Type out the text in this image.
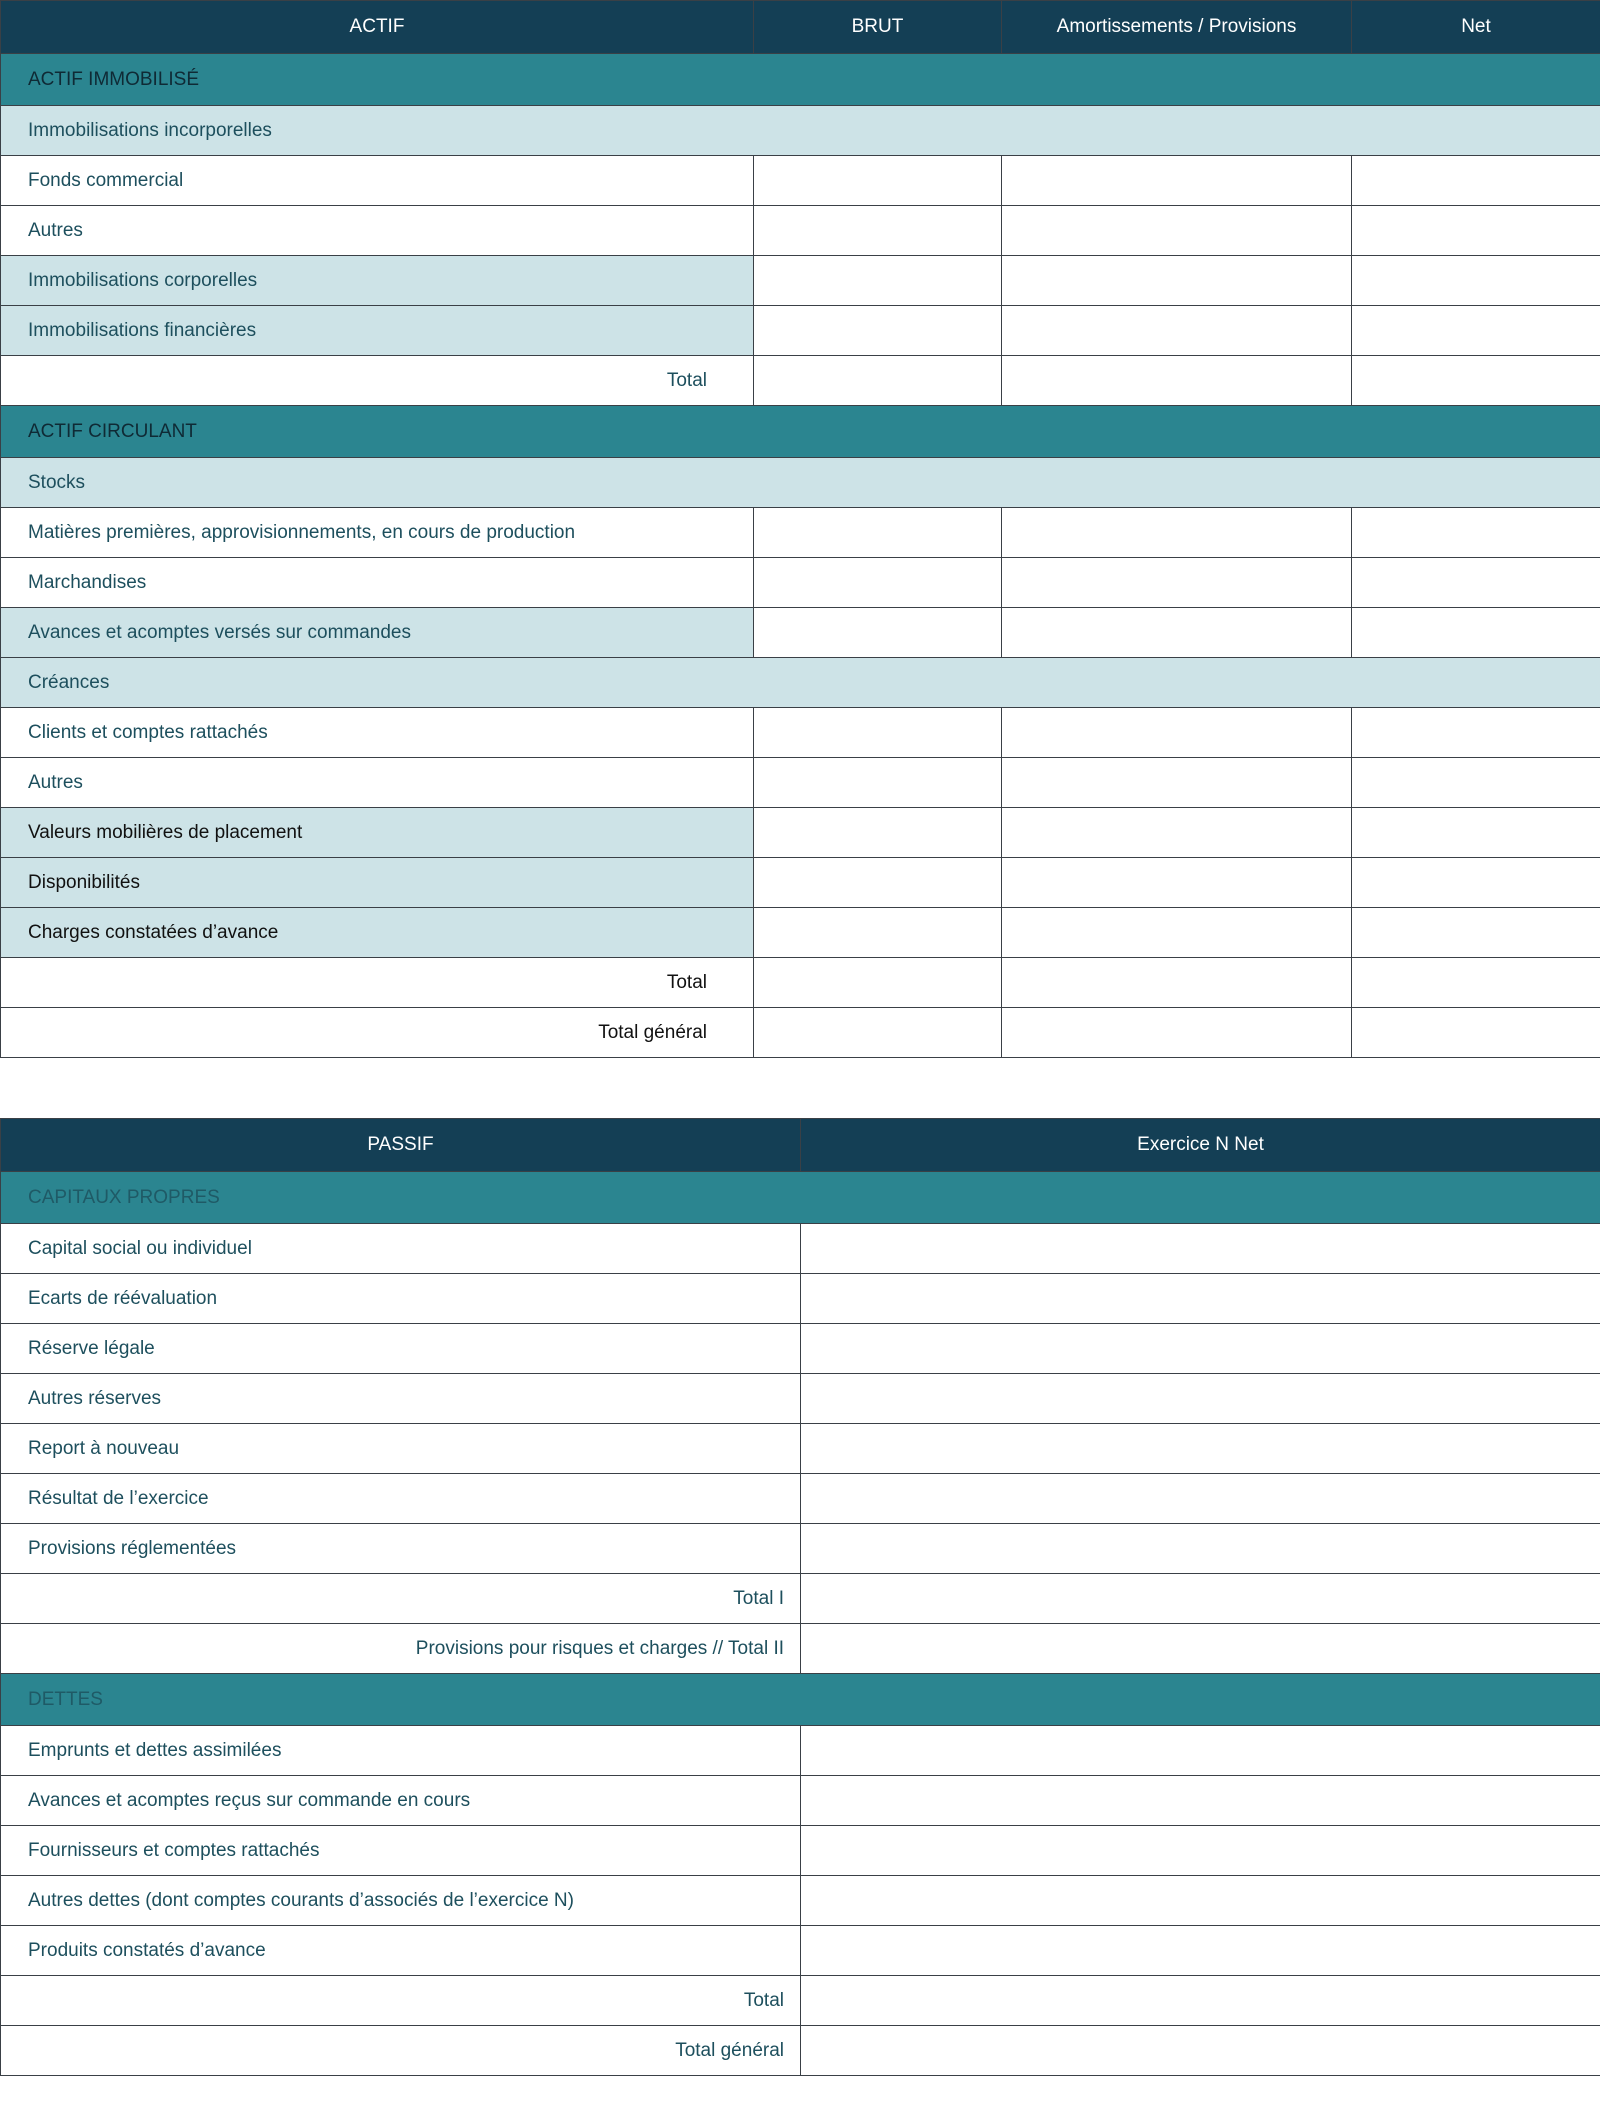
ACTIF	BRUT	Amortissements / Provisions	Net
ACTIF IMMOBILISÉ			
Immobilisations incorporelles			
Fonds commercial			
Autres			
Immobilisations corporelles			
Immobilisations financières			
Total			
ACTIF CIRCULANT			
Stocks			
Matières premières, approvisionnements, en cours de production			
Marchandises			
Avances et acomptes versés sur commandes			
Créances			
Clients et comptes rattachés			
Autres			
Valeurs mobilières de placement			
Disponibilités			
Charges constatées d’avance			
Total			
Total général			
PASSIF	Exercice N Net
CAPITAUX PROPRES	
Capital social ou individuel	
Ecarts de réévaluation	
Réserve légale	
Autres réserves	
Report à nouveau	
Résultat de l’exercice	
Provisions réglementées	
Total I	
Provisions pour risques et charges // Total II	
DETTES	
Emprunts et dettes assimilées	
Avances et acomptes reçus sur commande en cours	
Fournisseurs et comptes rattachés	
Autres dettes (dont comptes courants d’associés de l’exercice N)	
Produits constatés d’avance	
Total	
Total général	
